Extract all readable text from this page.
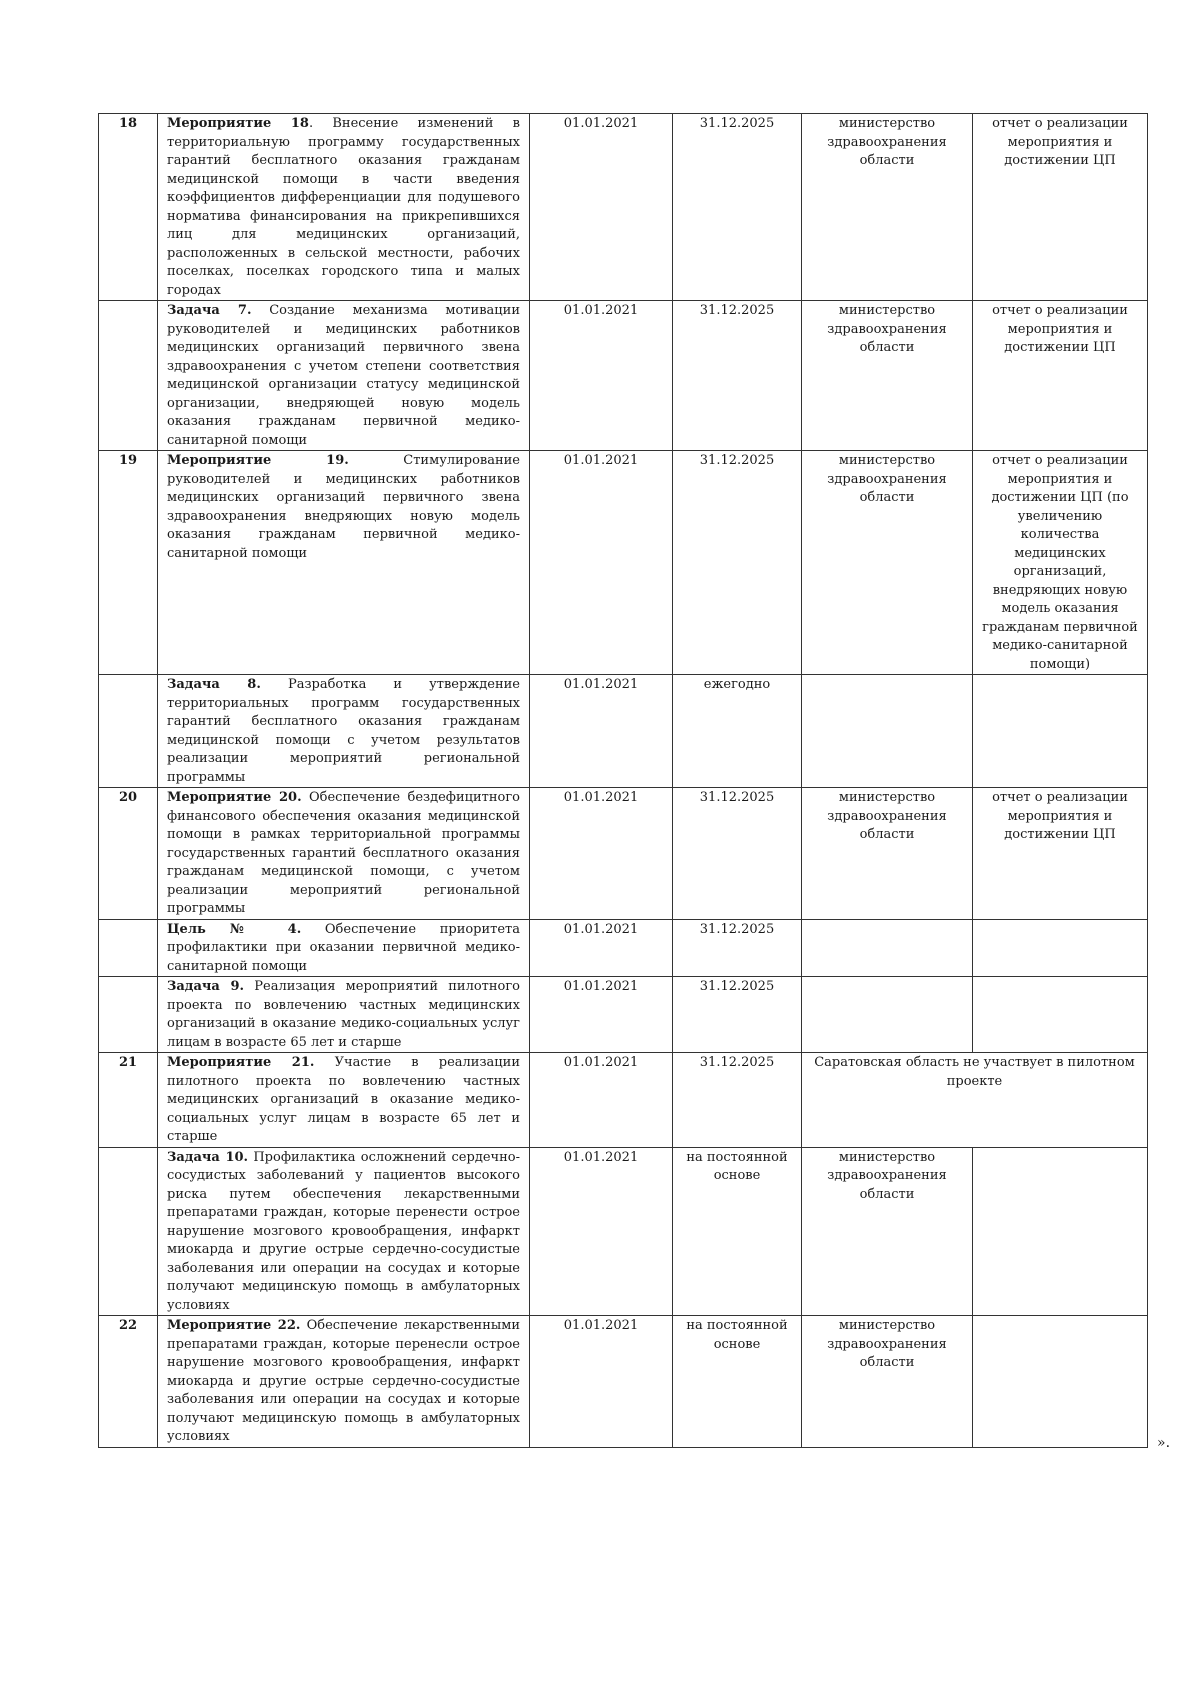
18	Мероприятие 18. Внесение изменений в территориальную программу государственных гарантий бесплатного оказания гражданам медицинской помощи в части введения коэффициентов дифференциации для подушевого норматива финансирования на прикрепившихся лиц для медицинских организаций, расположенных в сельской местности, рабочих поселках, поселках городского типа и малых городах	01.01.2021	31.12.2025	министерство здравоохранения области	отчет о реализации мероприятия и достижении ЦП
	Задача 7. Создание механизма мотивации руководителей и медицинских работников медицинских организаций первичного звена здравоохранения с учетом степени соответствия медицинской организации статусу медицинской организации, внедряющей новую модель оказания гражданам первичной медико-санитарной помощи	01.01.2021	31.12.2025	министерство здравоохранения области	отчет о реализации мероприятия и достижении ЦП
19	Мероприятие 19. Стимулирование руководителей и медицинских работников медицинских организаций первичного звена здравоохранения внедряющих новую модель оказания гражданам первичной медико-санитарной помощи	01.01.2021	31.12.2025	министерство здравоохранения области	отчет о реализации мероприятия и достижении ЦП (по увеличению количества медицинских организаций, внедряющих новую модель оказания гражданам первичной медико-санитарной помощи)
	Задача 8. Разработка и утверждение территориальных программ государственных гарантий бесплатного оказания гражданам медицинской помощи с учетом результатов реализации мероприятий региональной программы	01.01.2021	ежегодно		
20	Мероприятие 20. Обеспечение бездефицитного финансового обеспечения оказания медицинской помощи в рамках территориальной программы государственных гарантий бесплатного оказания гражданам медицинской помощи, с учетом реализации мероприятий региональной программы	01.01.2021	31.12.2025	министерство здравоохранения области	отчет о реализации мероприятия и достижении ЦП
	Цель № 4. Обеспечение приоритета профилактики при оказании первичной медико-санитарной помощи	01.01.2021	31.12.2025		
	Задача 9. Реализация мероприятий пилотного проекта по вовлечению частных медицинских организаций в оказание медико-социальных услуг лицам в возрасте 65 лет и старше	01.01.2021	31.12.2025		
21	Мероприятие 21. Участие в реализации пилотного проекта по вовлечению частных медицинских организаций в оказание медико-социальных услуг лицам в возрасте 65 лет и старше	01.01.2021	31.12.2025	Саратовская область не участвует в пилотном проекте	
	Задача 10. Профилактика осложнений сердечно-сосудистых заболеваний у пациентов высокого риска путем обеспечения лекарственными препаратами граждан, которые перенести острое нарушение мозгового кровообращения, инфаркт миокарда и другие острые сердечно-сосудистые заболевания или операции на сосудах и которые получают медицинскую помощь в амбулаторных условиях	01.01.2021	на постоянной основе	министерство здравоохранения области	
22	Мероприятие 22. Обеспечение лекарственными препаратами граждан, которые перенесли острое нарушение мозгового кровообращения, инфаркт миокарда и другие острые сердечно-сосудистые заболевания или операции на сосудах и которые получают медицинскую помощь в амбулаторных условиях	01.01.2021	на постоянной основе	министерство здравоохранения области	
».
